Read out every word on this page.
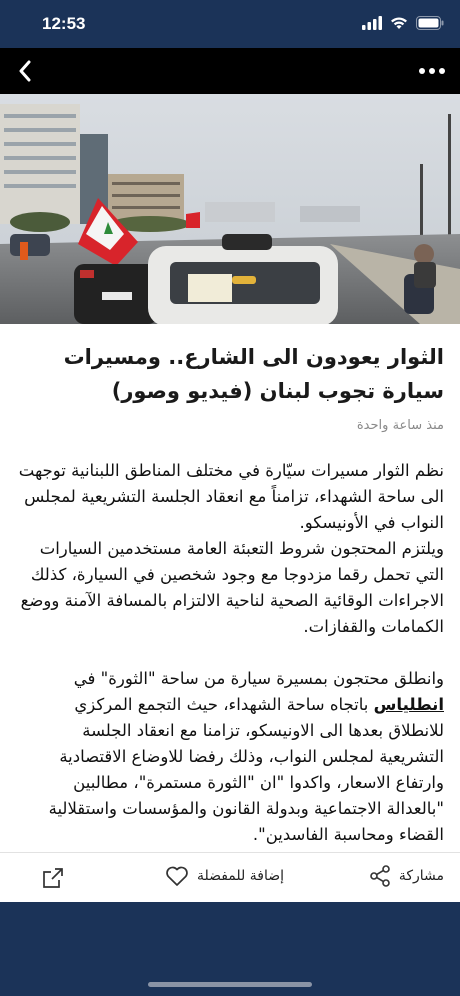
12:53
الثوار يعودون الى الشارع.. ومسيرات سيارة تجوب لبنان (فيديو وصور)
منذ ساعة واحدة

نظم الثوار مسيرات سيّارة في مختلف المناطق اللبنانية توجهت الى ساحة الشهداء، تزامناً مع انعقاد الجلسة التشريعية لمجلس النواب في الأونيسكو.

ويلتزم المحتجون شروط التعبئة العامة مستخدمين السيارات التي تحمل رقما مزدوجا مع وجود شخصين في السيارة، كذلك الاجراءات الوقائية الصحية لناحية الالتزام بالمسافة الآمنة ووضع الكمامات والقفازات.

وانطلق محتجون بمسيرة سيارة من ساحة "الثورة" في انطلياس باتجاه ساحة الشهداء، حيث التجمع المركزي للانطلاق بعدها الى الاونيسكو، تزامنا مع انعقاد الجلسة التشريعية لمجلس النواب، وذلك رفضا للاوضاع الاقتصادية وارتفاع الاسعار، واكدوا "ان "الثورة مستمرة"، مطالبين "بالعدالة الاجتماعية وبدولة القانون والمؤسسات واستقلالية القضاء ومحاسبة الفاسدين".

مشاركة
إضافة للمفضلة
